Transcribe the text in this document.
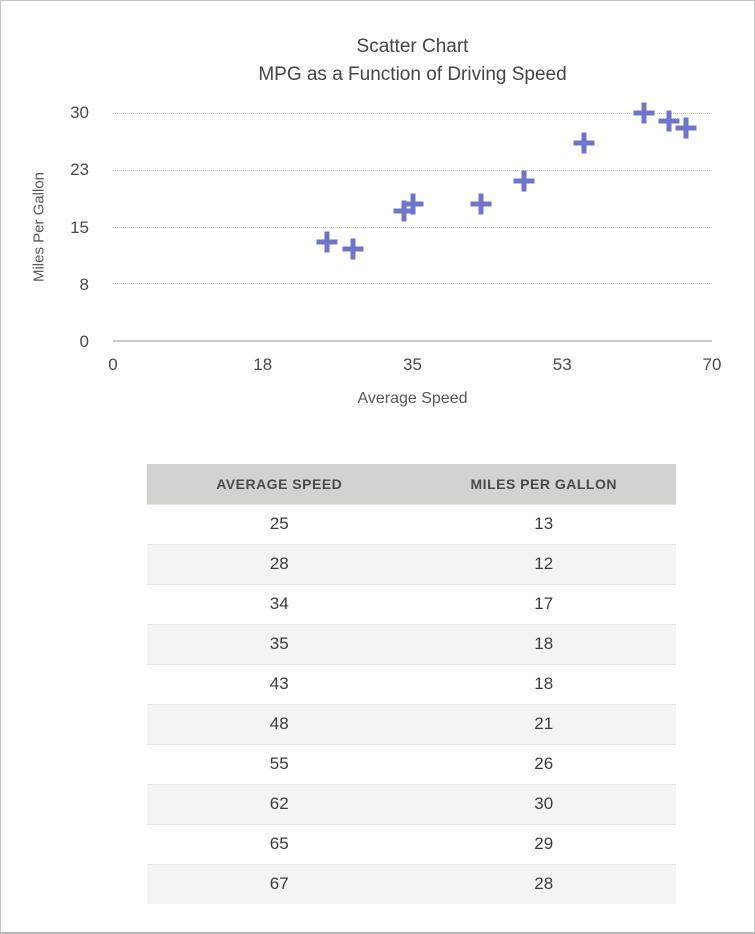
Scatter Chart
MPG as a Function of Driving Speed
Miles Per Gallon
30
23
15
8
0
0	18	35	53	70
Average Speed
AVERAGE SPEED	MILES PER GALLON
25	13
28	12
34	17
35	18
43	18
48	21
55	26
62	30
65	29
67	28
